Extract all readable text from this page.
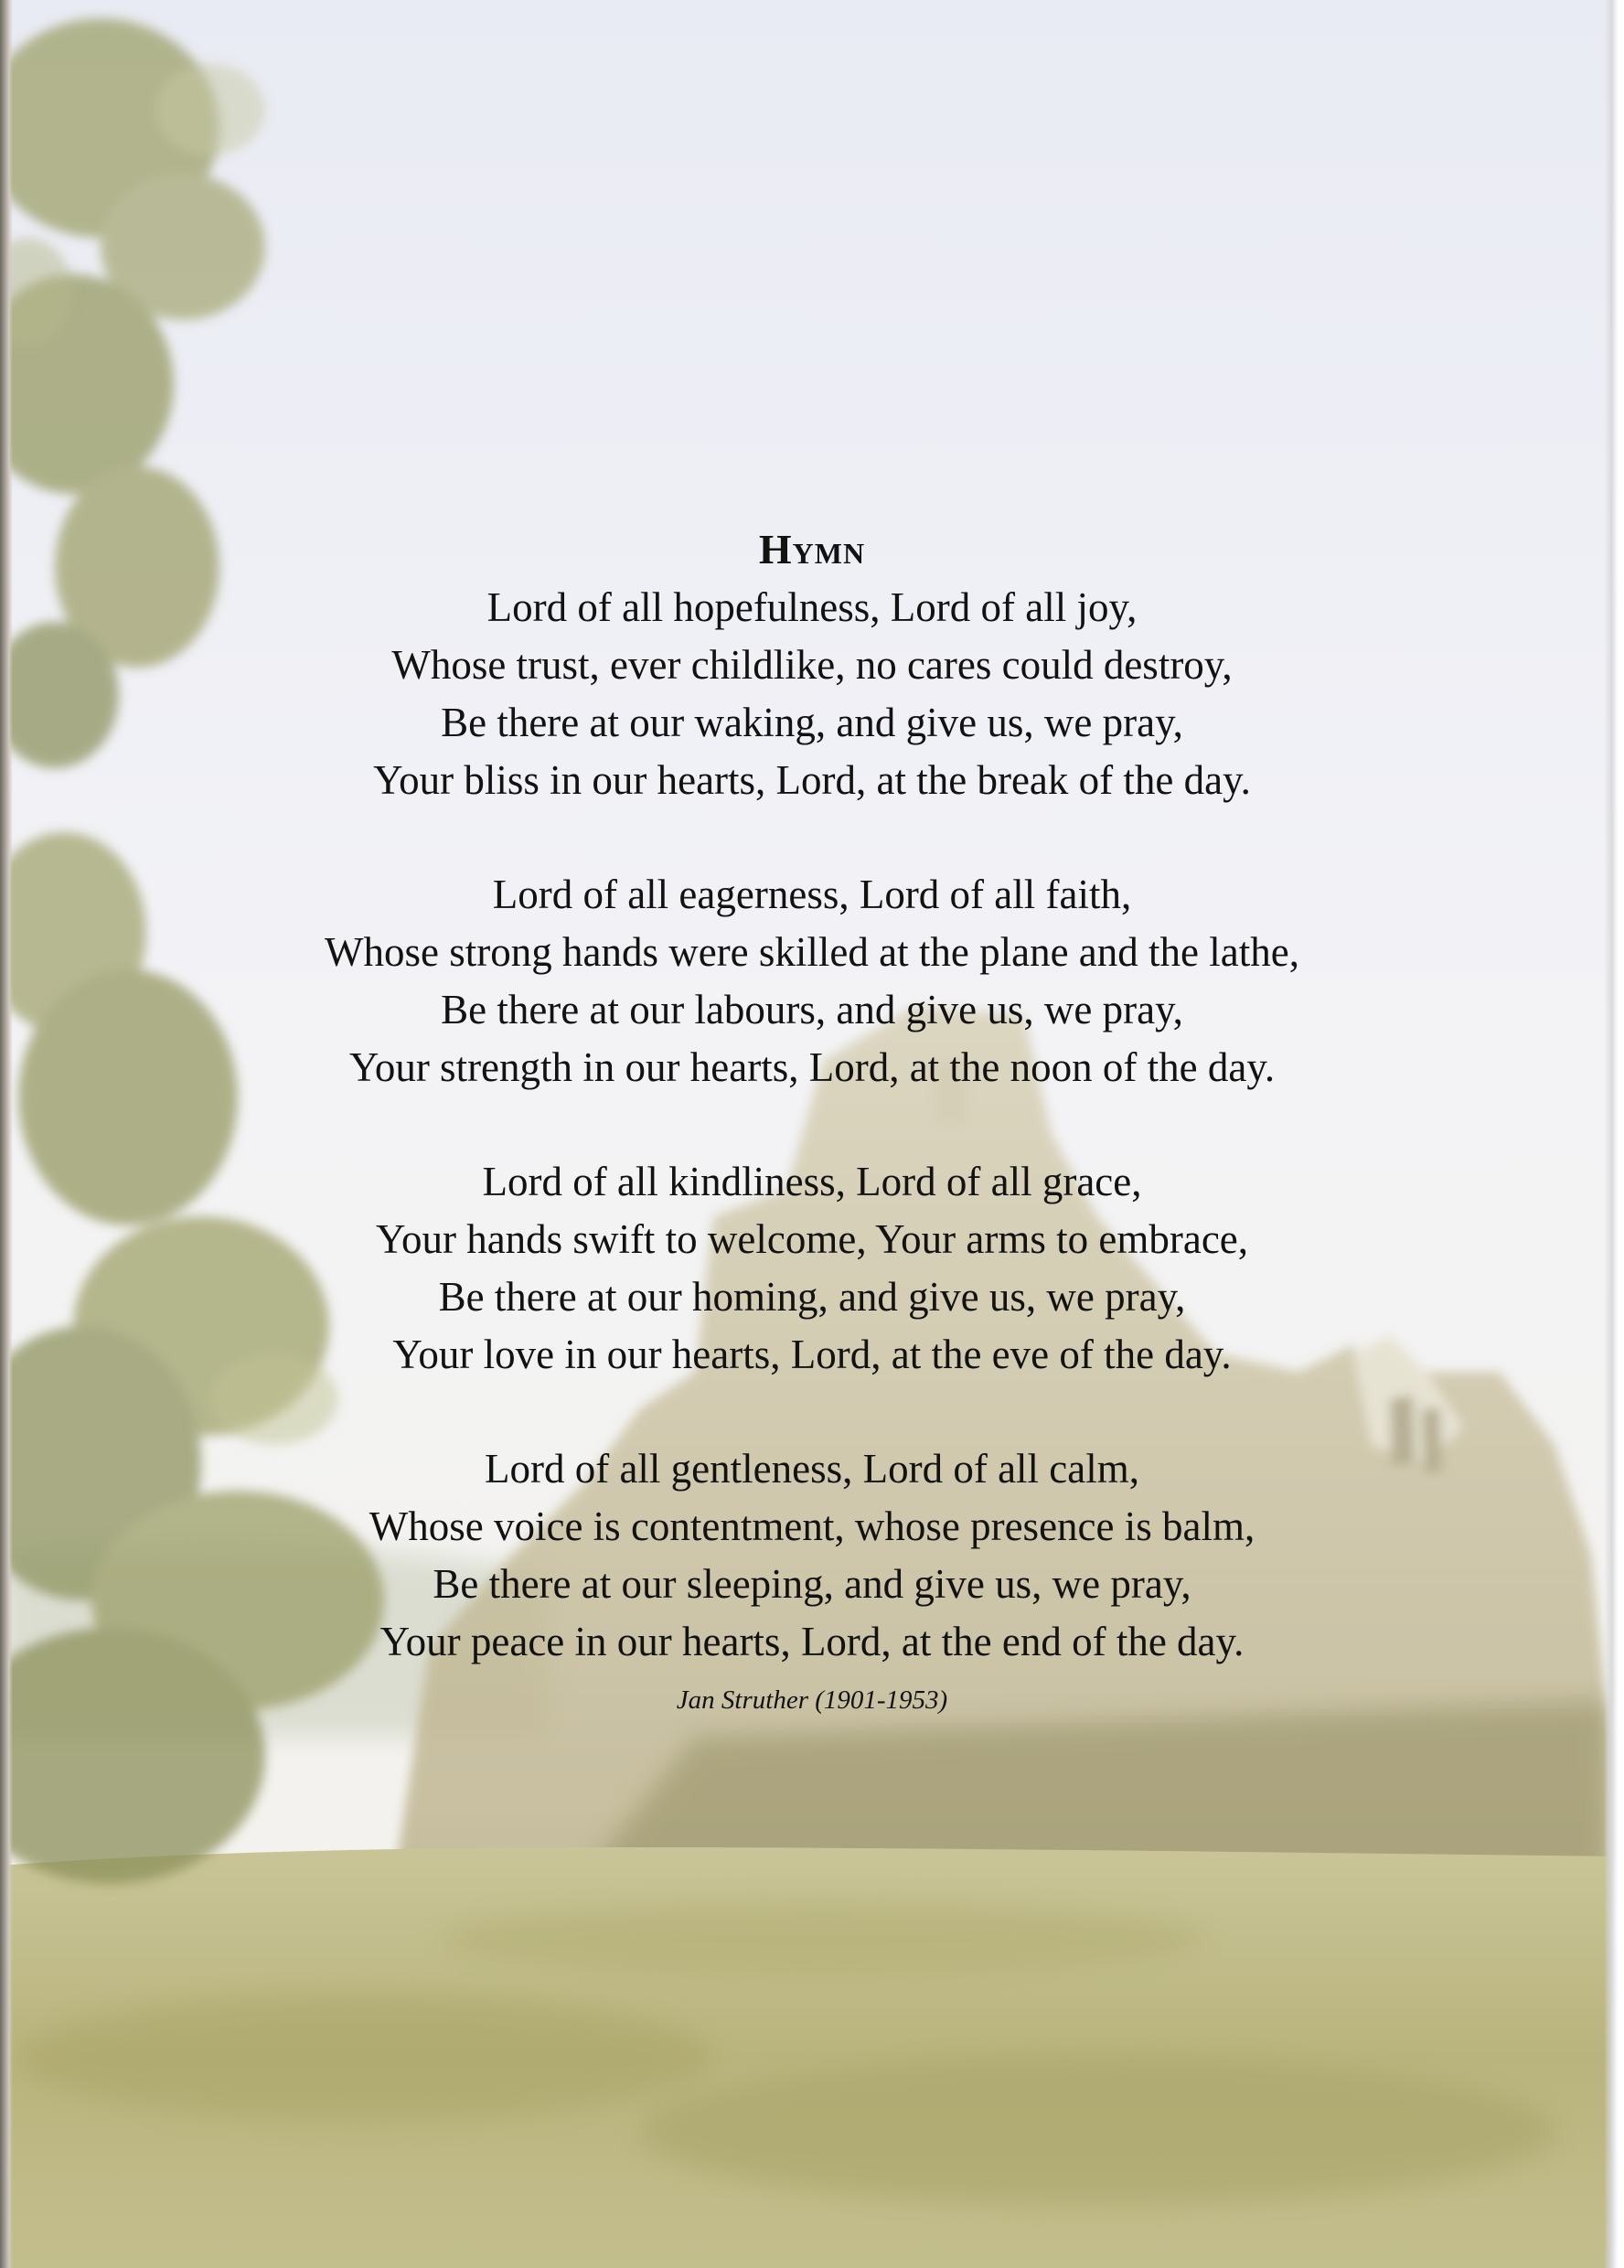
Hymn
Lord of all hopefulness, Lord of all joy,
Whose trust, ever childlike, no cares could destroy,
Be there at our waking, and give us, we pray,
Your bliss in our hearts, Lord, at the break of the day.
Lord of all eagerness, Lord of all faith,
Whose strong hands were skilled at the plane and the lathe,
Be there at our labours, and give us, we pray,
Your strength in our hearts, Lord, at the noon of the day.
Lord of all kindliness, Lord of all grace,
Your hands swift to welcome, Your arms to embrace,
Be there at our homing, and give us, we pray,
Your love in our hearts, Lord, at the eve of the day.
Lord of all gentleness, Lord of all calm,
Whose voice is contentment, whose presence is balm,
Be there at our sleeping, and give us, we pray,
Your peace in our hearts, Lord, at the end of the day.
Jan Struther (1901-1953)
